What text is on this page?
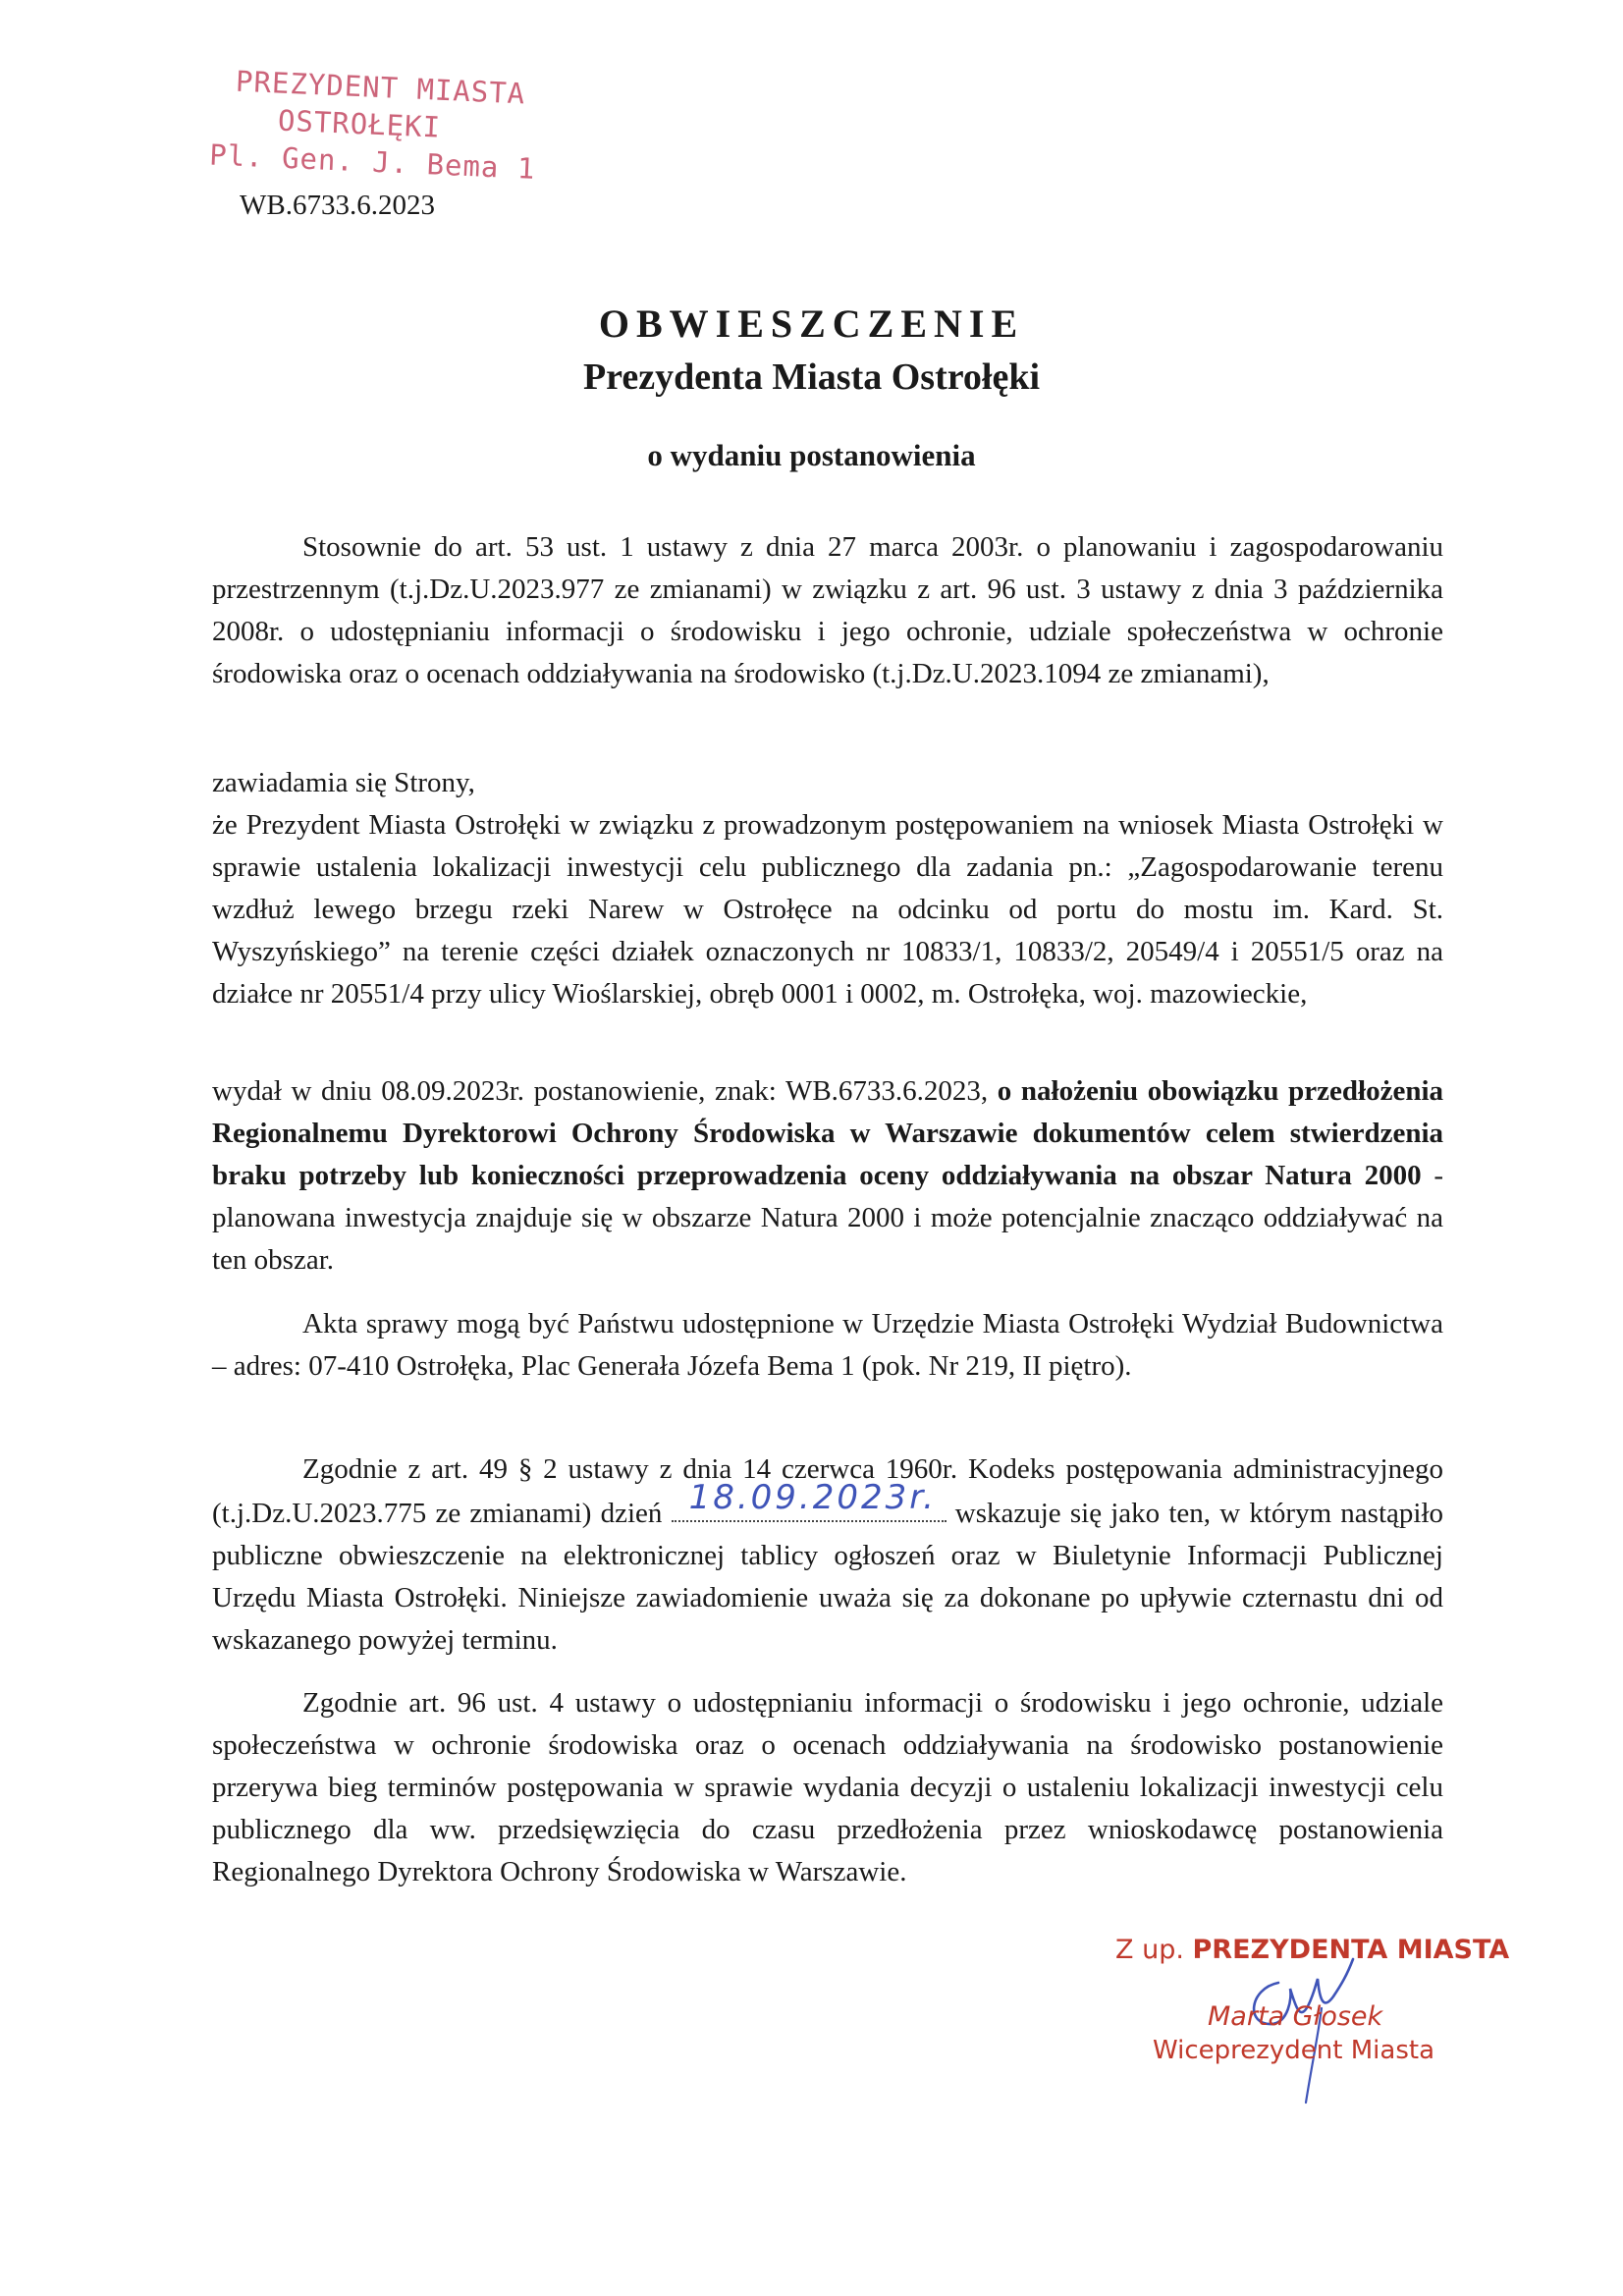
PREZYDENT MIASTA
OSTROŁĘKI
Pl. Gen. J. Bema 1
WB.6733.6.2023
OBWIESZCZENIE
Prezydenta Miasta Ostrołęki
o wydaniu postanowienia
Stosownie do art. 53 ust. 1 ustawy z dnia 27 marca 2003r. o planowaniu i zagospodarowaniu przestrzennym (t.j.Dz.U.2023.977 ze zmianami) w związku z art. 96 ust. 3 ustawy z dnia 3 października 2008r. o udostępnianiu informacji o środowisku i jego ochronie, udziale społeczeństwa w ochronie środowiska oraz o ocenach oddziaływania na środowisko (t.j.Dz.U.2023.1094 ze zmianami),
zawiadamia się Strony,
że Prezydent Miasta Ostrołęki w związku z prowadzonym postępowaniem na wniosek Miasta Ostrołęki w sprawie ustalenia lokalizacji inwestycji celu publicznego dla zadania pn.: „Zagospodarowanie terenu wzdłuż lewego brzegu rzeki Narew w Ostrołęce na odcinku od portu do mostu im. Kard. St. Wyszyńskiego” na terenie części działek oznaczonych nr 10833/1, 10833/2, 20549/4 i 20551/5 oraz na działce nr 20551/4 przy ulicy Wioślarskiej, obręb 0001 i 0002, m. Ostrołęka, woj. mazowieckie,
wydał w dniu 08.09.2023r. postanowienie, znak: WB.6733.6.2023, o nałożeniu obowiązku przedłożenia Regionalnemu Dyrektorowi Ochrony Środowiska w Warszawie dokumentów celem stwierdzenia braku potrzeby lub konieczności przeprowadzenia oceny oddziaływania na obszar Natura 2000 - planowana inwestycja znajduje się w obszarze Natura 2000 i może potencjalnie znacząco oddziaływać na ten obszar.
Akta sprawy mogą być Państwu udostępnione w Urzędzie Miasta Ostrołęki Wydział Budownictwa – adres: 07-410 Ostrołęka, Plac Generała Józefa Bema 1 (pok. Nr 219, II piętro).
Zgodnie z art. 49 § 2 ustawy z dnia 14 czerwca 1960r. Kodeks postępowania administracyjnego (t.j.Dz.U.2023.775 ze zmianami) dzień 18.09.2023r. wskazuje się jako ten, w którym nastąpiło publiczne obwieszczenie na elektronicznej tablicy ogłoszeń oraz w Biuletynie Informacji Publicznej Urzędu Miasta Ostrołęki. Niniejsze zawiadomienie uważa się za dokonane po upływie czternastu dni od wskazanego powyżej terminu.
Zgodnie art. 96 ust. 4 ustawy o udostępnianiu informacji o środowisku i jego ochronie, udziale społeczeństwa w ochronie środowiska oraz o ocenach oddziaływania na środowisko postanowienie przerywa bieg terminów postępowania w sprawie wydania decyzji o ustaleniu lokalizacji inwestycji celu publicznego dla ww. przedsięwzięcia do czasu przedłożenia przez wnioskodawcę postanowienia Regionalnego Dyrektora Ochrony Środowiska w Warszawie.
Z up. PREZYDENTA MIASTA
Marta Głosek
Wiceprezydent Miasta
